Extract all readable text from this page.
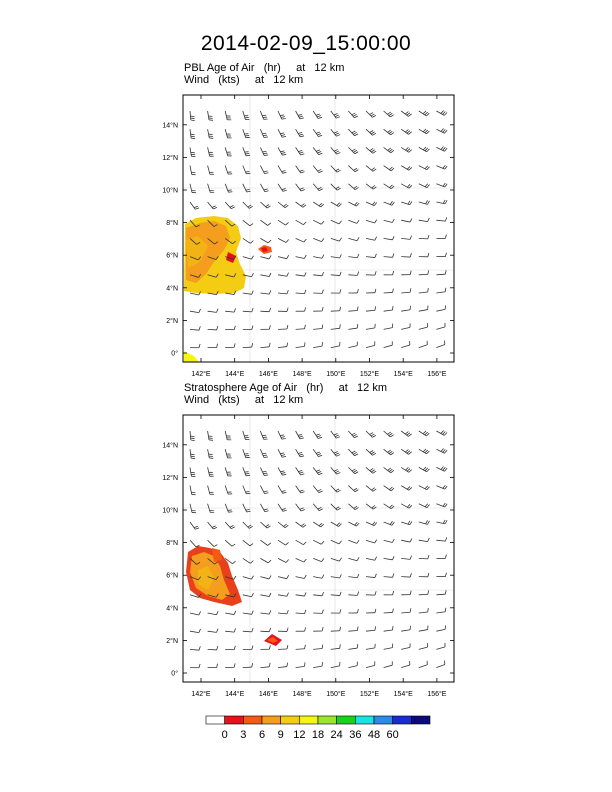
2014-02-09_15:00:00
PBL Age of Air   (hr)     at   12 km
Wind   (kts)     at   12 km
Stratosphere Age of Air   (hr)     at   12 km
Wind   (kts)     at   12 km
142°E 144°E 146°E 148°E 150°E 152°E 154°E 156°E
0°
2°N
4°N
6°N
8°N
10°N
12°N
14°N
142°E 144°E 146°E 148°E 150°E 152°E 154°E 156°E
0°
2°N
4°N
6°N
8°N
10°N
12°N
14°N
0	3	6	9 12 18 24 36 48 60
